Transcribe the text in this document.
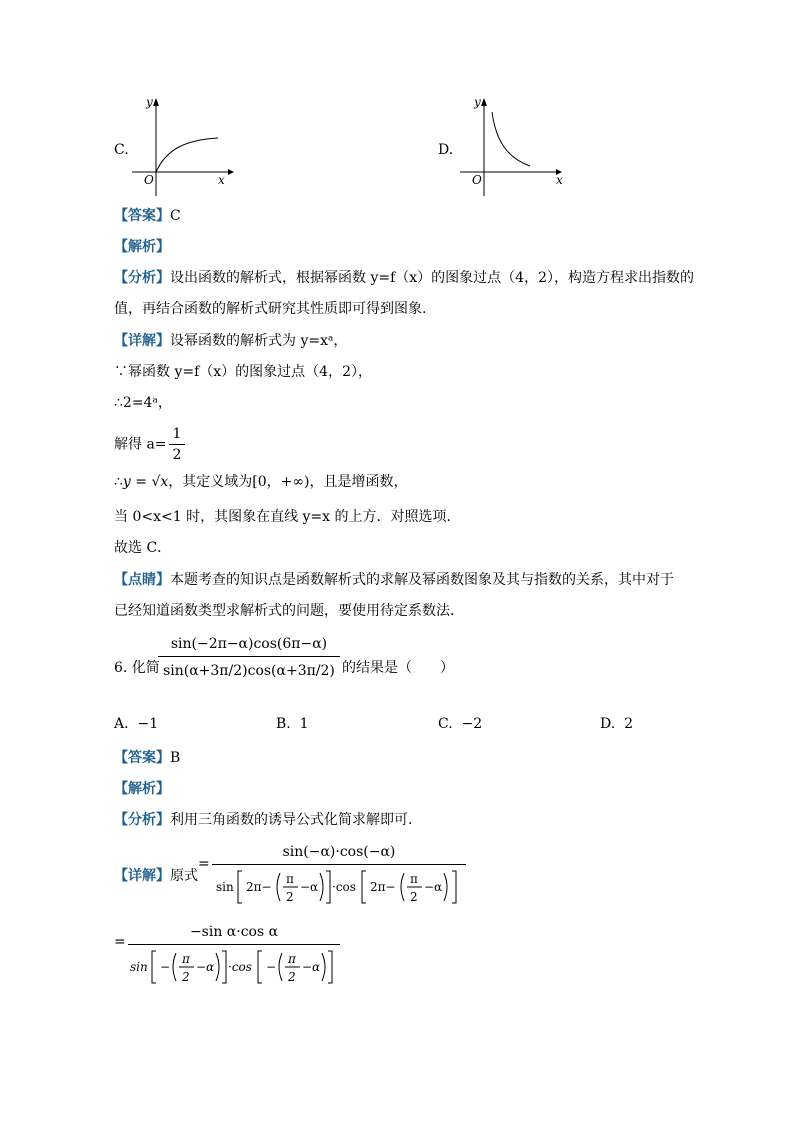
C.
x
y
O
D.
x
y
O
【答案】C
【解析】
【分析】设出函数的解析式，根据幂函数 y=f（x）的图象过点（4，2），构造方程求出指数的
值，再结合函数的解析式研究其性质即可得到图象.
【详解】设幂函数的解析式为 y=xᵃ，
∵幂函数 y=f（x）的图象过点（4，2），
∴2=4ᵃ，
解得 $a= \frac{1}{2}$
∴y = √x，其定义域为[0，+∞)，且是增函数，
当 0<x<1 时，其图象在直线 y=x 的上方．对照选项．
故选 C．
【点睛】本题考查的知识点是函数解析式的求解及幂函数图象及其与指数的关系，其中对于
已经知道函数类型求解析式的问题，要使用待定系数法．
6. 化简
$\frac{\sin(-2\pi-\alpha)\cos(6\pi-\alpha)}{\sin(\alpha+3\pi/2)\cos(\alpha+3\pi/2)}$ 的结果是（　　）
A. −1	B. 1	C. −2	D. 2
【答案】B
【解析】
【分析】利用三角函数的诱导公式化简求解即可.
【详解】原式
=
sin(−α)·cos(−α)
sin 2π−
π
2
−α ·cos 2π−
π
2
−α
=
−sin α·cos α
sin −
π
2
−α ·cos −
π
2
−α
